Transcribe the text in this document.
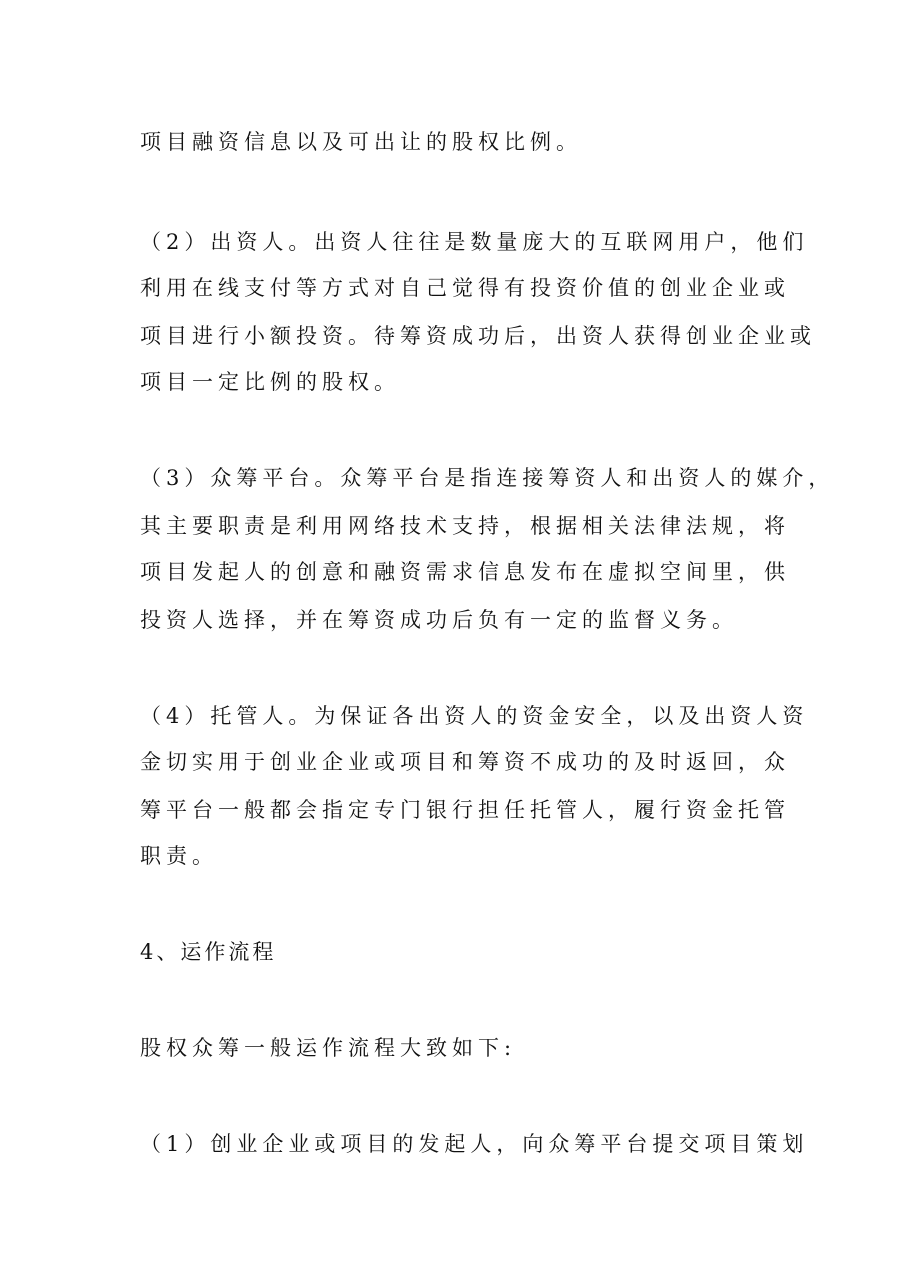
项目融资信息以及可出让的股权比例。
（2）出资人。出资人往往是数量庞大的互联网用户，他们
利用在线支付等方式对自己觉得有投资价值的创业企业或
项目进行小额投资。待筹资成功后，出资人获得创业企业或
项目一定比例的股权。
（3）众筹平台。众筹平台是指连接筹资人和出资人的媒介，
其主要职责是利用网络技术支持，根据相关法律法规，将
项目发起人的创意和融资需求信息发布在虚拟空间里，供
投资人选择，并在筹资成功后负有一定的监督义务。
（4）托管人。为保证各出资人的资金安全，以及出资人资
金切实用于创业企业或项目和筹资不成功的及时返回，众
筹平台一般都会指定专门银行担任托管人，履行资金托管
职责。
4、运作流程
股权众筹一般运作流程大致如下:
（1）创业企业或项目的发起人，向众筹平台提交项目策划
